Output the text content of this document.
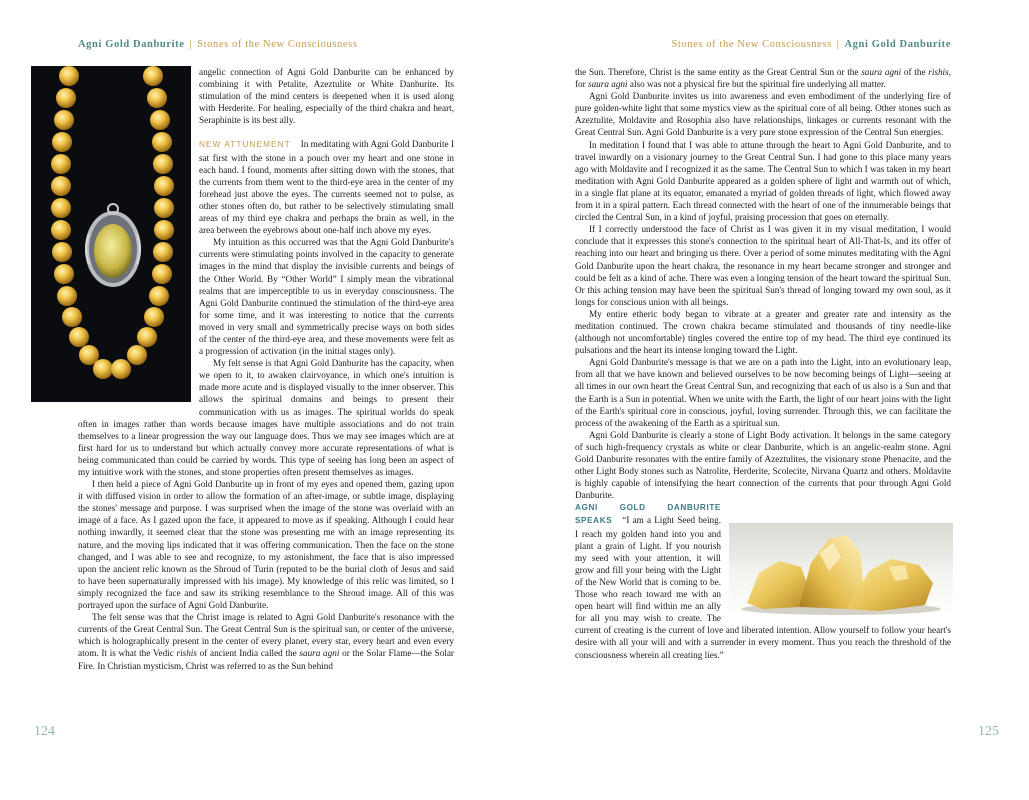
Agni Gold Danburite | Stones of the New Consciousness

angelic connection of Agni Gold Danburite can be enhanced by combining it with Petalite, Azeztulite or White Danburite. Its stimulation of the mind centers is deepened when it is used along with Herderite. For healing, especially of the third chakra and heart, Seraphinite is its best ally.

NEW ATTUNEMENT In meditating with Agni Gold Danburite I sat first with the stone in a pouch over my heart and one stone in each hand. I found, moments after sitting down with the stones, that the currents from them went to the third-eye area in the center of my forehead just above the eyes. The currents seemed not to pulse, as other stones often do, but rather to be selectively stimulating small areas of my third eye chakra and perhaps the brain as well, in the area between the eyebrows about one-half inch above my eyes.

My intuition as this occurred was that the Agni Gold Danburite's currents were stimulating points involved in the capacity to generate images in the mind that display the invisible currents and beings of the Other World. By “Other World” I simply mean the vibrational realms that are imperceptible to us in everyday consciousness. The Agni Gold Danburite continued the stimulation of the third-eye area for some time, and it was interesting to notice that the currents moved in very small and symmetrically precise ways on both sides of the center of the third-eye area, and these movements were felt as a progression of activation (in the initial stages only).

My felt sense is that Agni Gold Danburite has the capacity, when we open to it, to awaken clairvoyance, in which one's intuition is made more acute and is displayed visually to the inner observer. This allows the spiritual domains and beings to present their communication with us as images. The spiritual worlds do speak often in images rather than words because images have multiple associations and do not train themselves to a linear progression the way our language does. Thus we may see images which are at first hard for us to understand but which actually convey more accurate representations of what is being communicated than could be carried by words. This type of seeing has long been an aspect of my intuitive work with the stones, and stone properties often present themselves as images.

I then held a piece of Agni Gold Danburite up in front of my eyes and opened them, gazing upon it with diffused vision in order to allow the formation of an after-image, or subtle image, displaying the stones' message and purpose. I was surprised when the image of the stone was overlaid with an image of a face. As I gazed upon the face, it appeared to move as if speaking. Although I could hear nothing inwardly, it seemed clear that the stone was presenting me with an image representing its nature, and the moving lips indicated that it was offering communication. Then the face on the stone changed, and I was able to see and recognize, to my astonishment, the face that is also impressed upon the ancient relic known as the Shroud of Turin (reputed to be the burial cloth of Jesus and said to have been supernaturally impressed with his image). My knowledge of this relic was limited, so I simply recognized the face and saw its striking resemblance to the Shroud image. All of this was portrayed upon the surface of Agni Gold Danburite.

The felt sense was that the Christ image is related to Agni Gold Danburite's resonance with the currents of the Great Central Sun. The Great Central Sun is the spiritual sun, or center of the universe, which is holographically present in the center of every planet, every star, every heart and even every atom. It is what the Vedic rishis of ancient India called the saura agni or the Solar Flame—the Solar Fire. In Christian mysticism, Christ was referred to as the Sun behind

124
Stones of the New Consciousness | Agni Gold Danburite

the Sun. Therefore, Christ is the same entity as the Great Central Sun or the saura agni of the rishis, for saura agni also was not a physical fire but the spiritual fire underlying all matter.

Agni Gold Danburite invites us into awareness and even embodiment of the underlying fire of pure golden-white light that some mystics view as the spiritual core of all being. Other stones such as Azeztulite, Moldavite and Rosophia also have relationships, linkages or currents resonant with the Great Central Sun. Agni Gold Danburite is a very pure stone expression of the Central Sun energies.

In meditation I found that I was able to attune through the heart to Agni Gold Danburite, and to travel inwardly on a visionary journey to the Great Central Sun. I had gone to this place many years ago with Moldavite and I recognized it as the same. The Central Sun to which I was taken in my heart meditation with Agni Gold Danburite appeared as a golden sphere of light and warmth out of which, in a single flat plane at its equator, emanated a myriad of golden threads of light, which flowed away from it in a spiral pattern. Each thread connected with the heart of one of the innumerable beings that circled the Central Sun, in a kind of joyful, praising procession that goes on eternally.

If I correctly understood the face of Christ as I was given it in my visual meditation, I would conclude that it expresses this stone's connection to the spiritual heart of All-That-Is, and its offer of reaching into our heart and bringing us there. Over a period of some minutes meditating with the Agni Gold Danburite upon the heart chakra, the resonance in my heart became stronger and stronger and could be felt as a kind of ache. There was even a longing tension of the heart toward the spiritual Sun. Or this aching tension may have been the spiritual Sun's thread of longing toward my own soul, as it longs for conscious union with all beings.

My entire etheric body began to vibrate at a greater and greater rate and intensity as the meditation continued. The crown chakra became stimulated and thousands of tiny needle-like (although not uncomfortable) tingles covered the entire top of my head. The third eye continued its pulsations and the heart its intense longing toward the Light.

Agni Gold Danburite's message is that we are on a path into the Light, into an evolutionary leap, from all that we have known and believed ourselves to be now becoming beings of Light—seeing at all times in our own heart the Great Central Sun, and recognizing that each of us also is a Sun and that the Earth is a Sun in potential. When we unite with the Earth, the light of our heart joins with the light of the Earth's spiritual core in conscious, joyful, loving surrender. Through this, we can facilitate the process of the awakening of the Earth as a spiritual sun.

Agni Gold Danburite is clearly a stone of Light Body activation. It belongs in the same category of such high-frequency crystals as white or clear Danburite, which is an angelic-realm stone. Agni Gold Danburite resonates with the entire family of Azeztulites, the visionary stone Phenacite, and the other Light Body stones such as Natrolite, Herderite, Scolecite, Nirvana Quartz and others. Moldavite is highly capable of intensifying the heart connection of the currents that pour through Agni Gold Danburite.

AGNI GOLD DANBURITE SPEAKS “I am a Light Seed being. I reach my golden hand into you and plant a grain of Light. If you nourish my seed with your attention, it will grow and fill your being with the Light of the New World that is coming to be. Those who reach toward me with an open heart will find within me an ally for all you may wish to create. The current of creating is the current of love and liberated intention. Allow yourself to follow your heart's desire with all your will and with a surrender in every moment. Thus you reach the threshold of the consciousness wherein all creating lies.”

125
